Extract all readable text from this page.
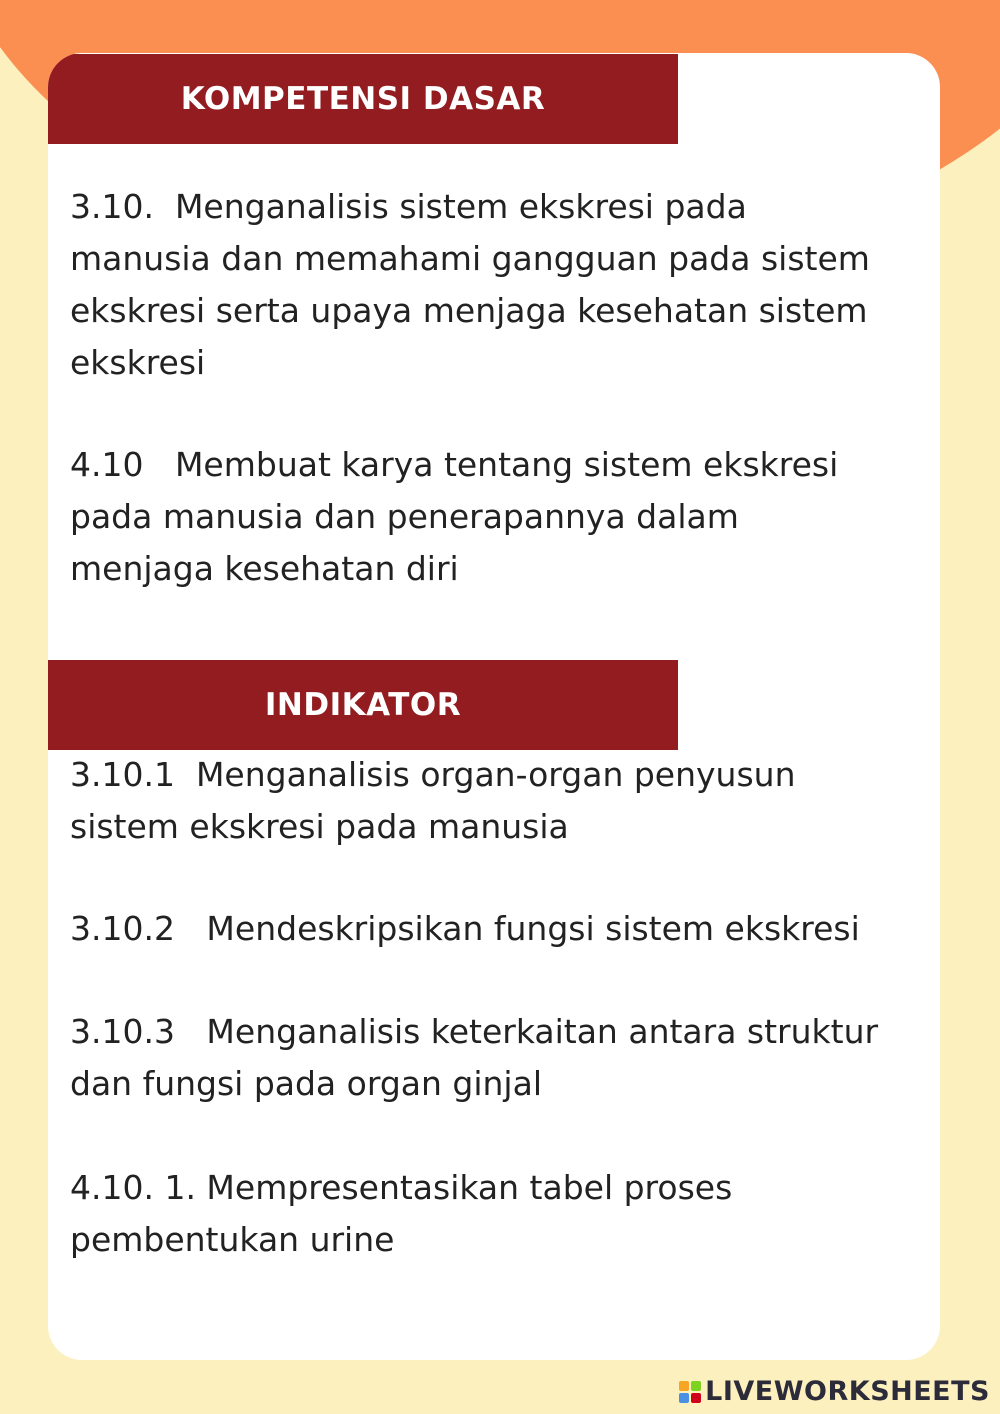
KOMPETENSI DASAR

3.10.  Menganalisis sistem ekskresi pada
manusia dan memahami gangguan pada sistem
ekskresi serta upaya menjaga kesehatan sistem
ekskresi

4.10   Membuat karya tentang sistem ekskresi
pada manusia dan penerapannya dalam
menjaga kesehatan diri

INDIKATOR

3.10.1  Menganalisis organ-organ penyusun
sistem ekskresi pada manusia

3.10.2   Mendeskripsikan fungsi sistem ekskresi

3.10.3   Menganalisis keterkaitan antara struktur
dan fungsi pada organ ginjal

4.10. 1. Mempresentasikan tabel proses
pembentukan urine

LIVEWORKSHEETS
